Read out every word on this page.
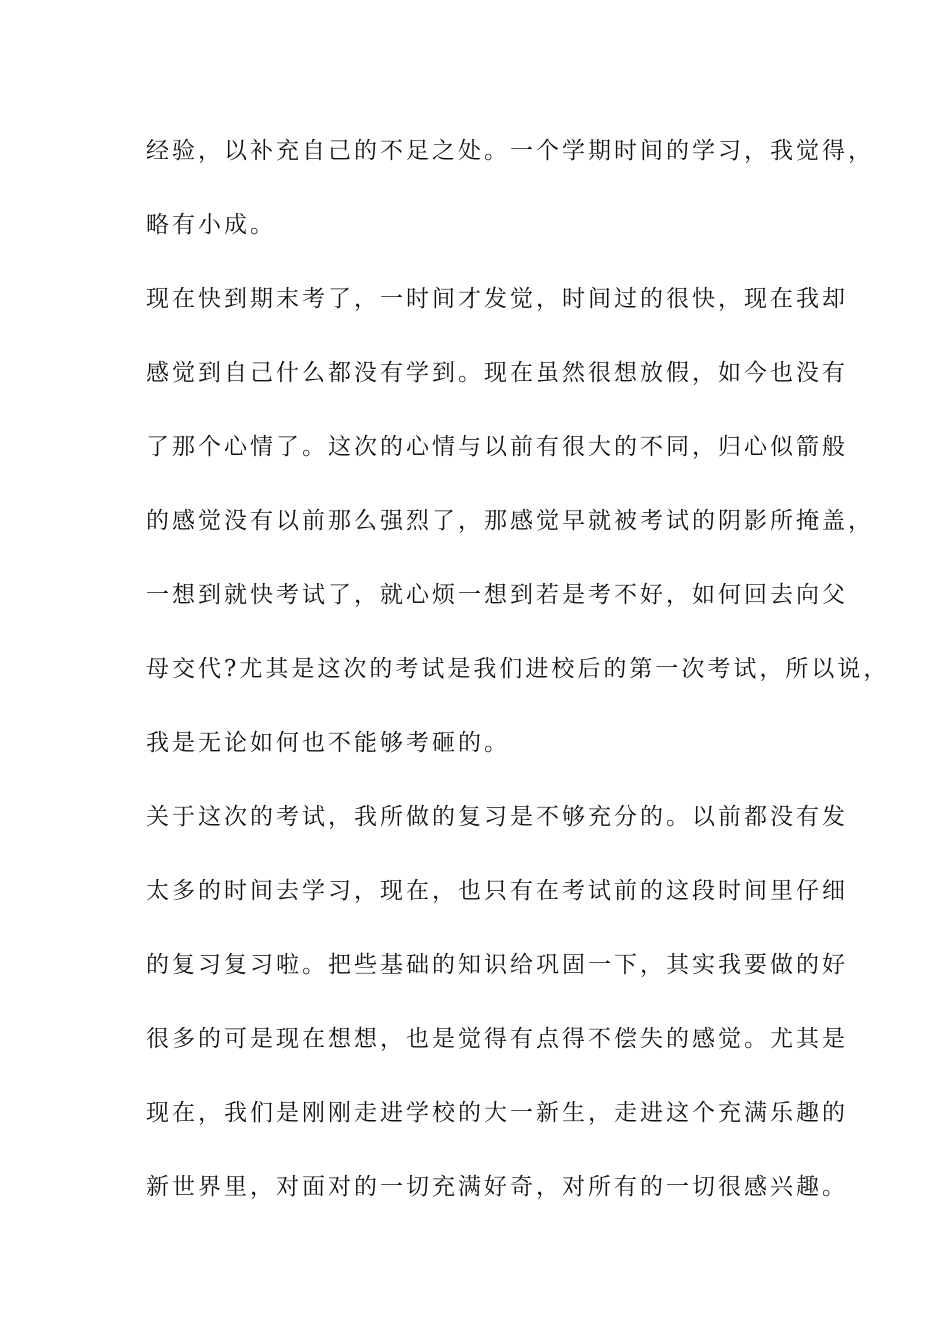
经验，以补充自己的不足之处。一个学期时间的学习，我觉得，
略有小成。
现在快到期末考了，一时间才发觉，时间过的很快，现在我却
感觉到自己什么都没有学到。现在虽然很想放假，如今也没有
了那个心情了。这次的心情与以前有很大的不同，归心似箭般
的感觉没有以前那么强烈了，那感觉早就被考试的阴影所掩盖，
一想到就快考试了，就心烦一想到若是考不好，如何回去向父
母交代?尤其是这次的考试是我们进校后的第一次考试，所以说，
我是无论如何也不能够考砸的。
关于这次的考试，我所做的复习是不够充分的。以前都没有发
太多的时间去学习，现在，也只有在考试前的这段时间里仔细
的复习复习啦。把些基础的知识给巩固一下，其实我要做的好
很多的可是现在想想，也是觉得有点得不偿失的感觉。尤其是
现在，我们是刚刚走进学校的大一新生，走进这个充满乐趣的
新世界里，对面对的一切充满好奇，对所有的一切很感兴趣。
